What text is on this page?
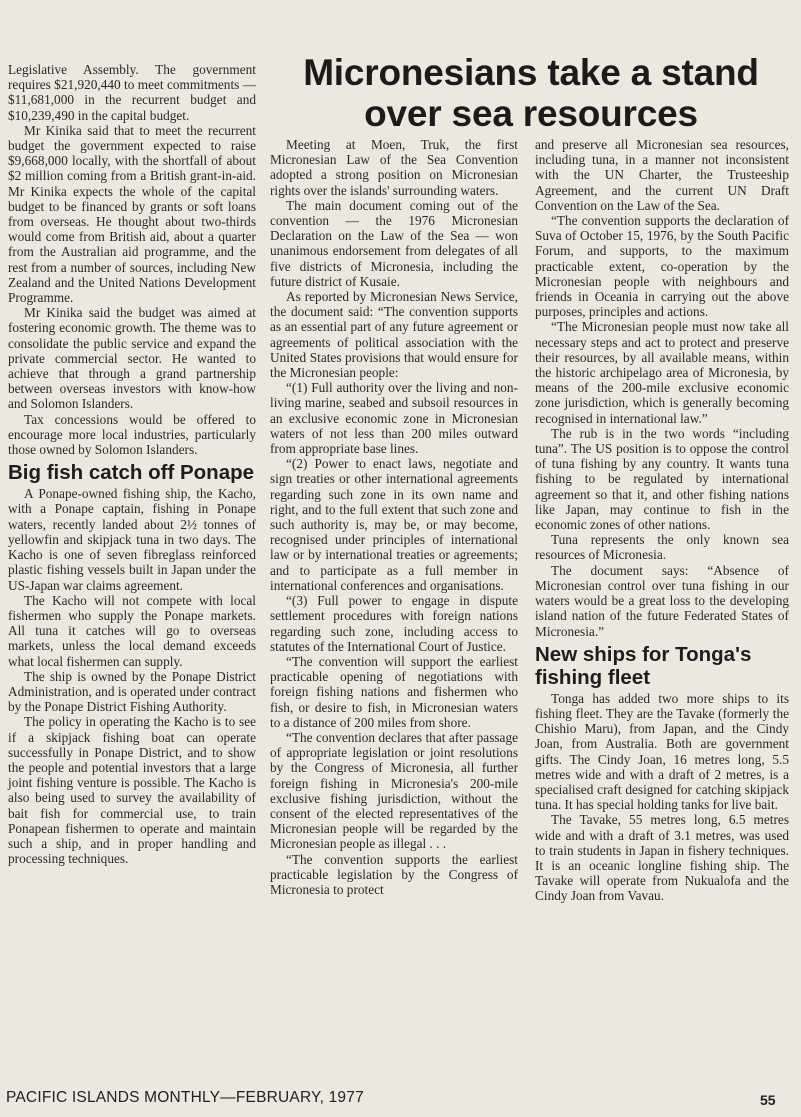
Micronesians take a stand over sea resources

Legislative Assembly. The government requires $21,920,440 to meet commitments — $11,681,000 in the recurrent budget and $10,239,490 in the capital budget.

Mr Kinika said that to meet the recurrent budget the government expected to raise $9,668,000 locally, with the shortfall of about $2 million coming from a British grant-in-aid. Mr Kinika expects the whole of the capital budget to be financed by grants or soft loans from overseas. He thought about two-thirds would come from British aid, about a quarter from the Australian aid programme, and the rest from a number of sources, including New Zealand and the United Nations Development Programme.

Mr Kinika said the budget was aimed at fostering economic growth. The theme was to consolidate the public service and expand the private commercial sector. He wanted to achieve that through a grand partnership between overseas investors with know-how and Solomon Islanders.

Tax concessions would be offered to encourage more local industries, particularly those owned by Solomon Islanders.

Big fish catch off Ponape

A Ponape-owned fishing ship, the Kacho, with a Ponape captain, fishing in Ponape waters, recently landed about 2½ tonnes of yellowfin and skipjack tuna in two days. The Kacho is one of seven fibreglass reinforced plastic fishing vessels built in Japan under the US-Japan war claims agreement.

The Kacho will not compete with local fishermen who supply the Ponape markets. All tuna it catches will go to overseas markets, unless the local demand exceeds what local fishermen can supply.

The ship is owned by the Ponape District Administration, and is operated under contract by the Ponape District Fishing Authority.

The policy in operating the Kacho is to see if a skipjack fishing boat can operate successfully in Ponape District, and to show the people and potential investors that a large joint fishing venture is possible. The Kacho is also being used to survey the availability of bait fish for commercial use, to train Ponapean fishermen to operate and maintain such a ship, and in proper handling and processing techniques.

Meeting at Moen, Truk, the first Micronesian Law of the Sea Convention adopted a strong position on Micronesian rights over the islands' surrounding waters.

The main document coming out of the convention — the 1976 Micronesian Declaration on the Law of the Sea — won unanimous endorsement from delegates of all five districts of Micronesia, including the future district of Kusaie.

As reported by Micronesian News Service, the document said: “The convention supports as an essential part of any future agreement or agreements of political association with the United States provisions that would ensure for the Micronesian people:

“(1) Full authority over the living and non-living marine, seabed and subsoil resources in an exclusive economic zone in Micronesian waters of not less than 200 miles outward from appropriate base lines.

“(2) Power to enact laws, negotiate and sign treaties or other international agreements regarding such zone in its own name and right, and to the full extent that such zone and such authority is, may be, or may become, recognised under principles of international law or by international treaties or agreements; and to participate as a full member in international conferences and organisations.

“(3) Full power to engage in dispute settlement procedures with foreign nations regarding such zone, including access to statutes of the International Court of Justice.

“The convention will support the earliest practicable opening of negotiations with foreign fishing nations and fishermen who fish, or desire to fish, in Micronesian waters to a distance of 200 miles from shore.

“The convention declares that after passage of appropriate legislation or joint resolutions by the Congress of Micronesia, all further foreign fishing in Micronesia's 200-mile exclusive fishing jurisdiction, without the consent of the elected representatives of the Micronesian people will be regarded by the Micronesian people as illegal . . .

“The convention supports the earliest practicable legislation by the Congress of Micronesia to protect

and preserve all Micronesian sea resources, including tuna, in a manner not inconsistent with the UN Charter, the Trusteeship Agreement, and the current UN Draft Convention on the Law of the Sea.

“The convention supports the declaration of Suva of October 15, 1976, by the South Pacific Forum, and supports, to the maximum practicable extent, co-operation by the Micronesian people with neighbours and friends in Oceania in carrying out the above purposes, principles and actions.

“The Micronesian people must now take all necessary steps and act to protect and preserve their resources, by all available means, within the historic archipelago area of Micronesia, by means of the 200-mile exclusive economic zone jurisdiction, which is generally becoming recognised in international law.”

The rub is in the two words “including tuna”. The US position is to oppose the control of tuna fishing by any country. It wants tuna fishing to be regulated by international agreement so that it, and other fishing nations like Japan, may continue to fish in the economic zones of other nations.

Tuna represents the only known sea resources of Micronesia.

The document says: “Absence of Micronesian control over tuna fishing in our waters would be a great loss to the developing island nation of the future Federated States of Micronesia.”

New ships for Tonga's fishing fleet

Tonga has added two more ships to its fishing fleet. They are the Tavake (formerly the Chishio Maru), from Japan, and the Cindy Joan, from Australia. Both are government gifts. The Cindy Joan, 16 metres long, 5.5 metres wide and with a draft of 2 metres, is a specialised craft designed for catching skipjack tuna. It has special holding tanks for live bait.

The Tavake, 55 metres long, 6.5 metres wide and with a draft of 3.1 metres, was used to train students in Japan in fishery techniques. It is an oceanic longline fishing ship. The Tavake will operate from Nukualofa and the Cindy Joan from Vavau.

PACIFIC ISLANDS MONTHLY—FEBRUARY, 1977	55
